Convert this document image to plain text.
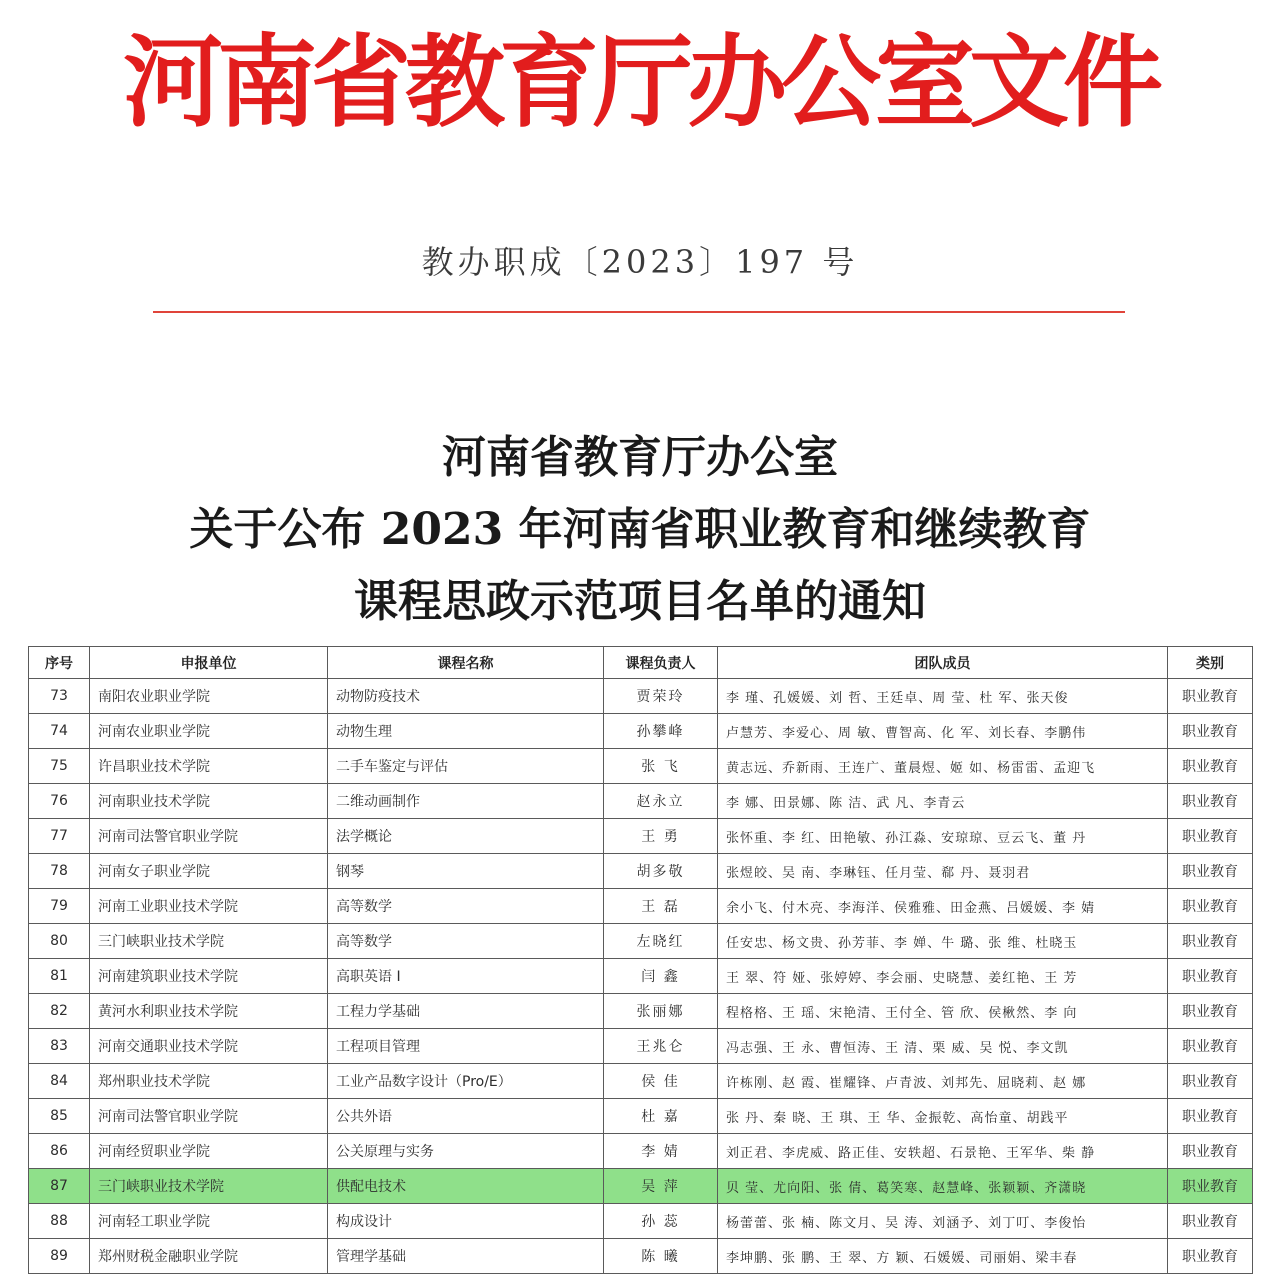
河南省教育厅办公室文件
教办职成〔2023〕197 号
河南省教育厅办公室
关于公布 2023 年河南省职业教育和继续教育
课程思政示范项目名单的通知
序号	申报单位	课程名称	课程负责人	团队成员	类别
73	南阳农业职业学院	动物防疫技术	贾荣玲	李 瑾、孔媛媛、刘 哲、王廷卓、周 莹、杜 军、张天俊	职业教育
74	河南农业职业学院	动物生理	孙攀峰	卢慧芳、李爱心、周 敏、曹智高、化 军、刘长春、李鹏伟	职业教育
75	许昌职业技术学院	二手车鉴定与评估	张 飞	黄志远、乔新雨、王连广、董晨煜、姬 如、杨雷雷、孟迎飞	职业教育
76	河南职业技术学院	二维动画制作	赵永立	李 娜、田景娜、陈 洁、武 凡、李青云	职业教育
77	河南司法警官职业学院	法学概论	王 勇	张怀重、李 红、田艳敏、孙江淼、安琼琼、豆云飞、董 丹	职业教育
78	河南女子职业学院	钢琴	胡多敬	张煜皎、吴 南、李琳钰、任月莹、郗 丹、聂羽君	职业教育
79	河南工业职业技术学院	高等数学	王 磊	余小飞、付木亮、李海洋、侯雅雅、田金燕、吕媛媛、李 婧	职业教育
80	三门峡职业技术学院	高等数学	左晓红	任安忠、杨文贵、孙芳菲、李 婵、牛 璐、张 维、杜晓玉	职业教育
81	河南建筑职业技术学院	高职英语 I	闫 鑫	王 翠、符 娅、张婷婷、李会丽、史晓慧、姜红艳、王 芳	职业教育
82	黄河水利职业技术学院	工程力学基础	张丽娜	程格格、王 瑶、宋艳清、王付全、管 欣、侯楸然、李 向	职业教育
83	河南交通职业技术学院	工程项目管理	王兆仑	冯志强、王 永、曹恒涛、王 清、栗 威、吴 悦、李文凯	职业教育
84	郑州职业技术学院	工业产品数字设计（Pro/E）	侯 佳	许栋刚、赵 霞、崔耀锋、卢青波、刘邦先、屈晓莉、赵 娜	职业教育
85	河南司法警官职业学院	公共外语	杜 嘉	张 丹、秦 晓、王 琪、王 华、金振乾、高怡童、胡践平	职业教育
86	河南经贸职业学院	公关原理与实务	李 婧	刘正君、李虎威、路正佳、安轶超、石景艳、王军华、柴 静	职业教育
87	三门峡职业技术学院	供配电技术	吴 萍	贝 莹、尤向阳、张 倩、葛笑寒、赵慧峰、张颖颖、齐潇晓	职业教育
88	河南轻工职业学院	构成设计	孙 蕊	杨蕾蕾、张 楠、陈文月、吴 涛、刘涵予、刘丁叮、李俊怡	职业教育
89	郑州财税金融职业学院	管理学基础	陈 曦	李坤鹏、张 鹏、王 翠、方 颖、石媛媛、司丽娟、梁丰春	职业教育
